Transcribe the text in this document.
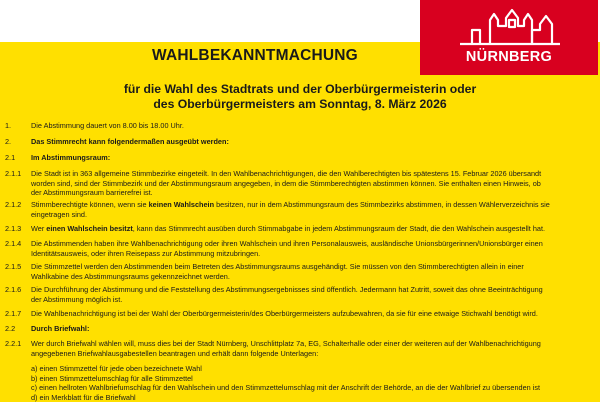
NÜRNBERG
WAHLBEKANNTMACHUNG
für die Wahl des Stadtrats und der Oberbürgermeisterin oder
des Oberbürgermeisters am Sonntag, 8. März 2026
1.	Die Abstimmung dauert von 8.00 bis 18.00 Uhr.
2.	Das Stimmrecht kann folgendermaßen ausgeübt werden:
2.1 Im Abstimmungsraum:
2.1.1 Die Stadt ist in 363 allgemeine Stimmbezirke eingeteilt. In den Wahlbenachrichtigungen, die den Wahlberechtigten bis spätestens 15. Februar 2026 übersandt
worden sind, sind der Stimmbezirk und der Abstimmungsraum angegeben, in dem die Stimmberechtigten abstimmen können. Sie enthalten einen Hinweis, ob
der Abstimmungsraum barrierefrei ist.
2.1.2 Stimmberechtigte können, wenn sie keinen Wahlschein besitzen, nur in dem Abstimmungsraum des Stimmbezirks abstimmen, in dessen Wählerverzeichnis sie
eingetragen sind.
2.1.3 Wer einen Wahlschein besitzt, kann das Stimmrecht ausüben durch Stimmabgabe in jedem Abstimmungsraum der Stadt, die den Wahlschein ausgestellt hat.
2.1.4 Die Abstimmenden haben ihre Wahlbenachrichtigung oder ihren Wahlschein und ihren Personalausweis, ausländische Unionsbürgerinnen/Unionsbürger einen
Identitätsausweis, oder ihren Reisepass zur Abstimmung mitzubringen.
2.1.5 Die Stimmzettel werden den Abstimmenden beim Betreten des Abstimmungsraums ausgehändigt. Sie müssen von den Stimmberechtigten allein in einer
Wahlkabine des Abstimmungsraums gekennzeichnet werden.
2.1.6 Die Durchführung der Abstimmung und die Feststellung des Abstimmungsergebnisses sind öffentlich. Jedermann hat Zutritt, soweit das ohne Beeinträchtigung
der Abstimmung möglich ist.
2.1.7 Die Wahlbenachrichtigung ist bei der Wahl der Oberbürgermeisterin/des Oberbürgermeisters aufzubewahren, da sie für eine etwaige Stichwahl benötigt wird.
2.2 Durch Briefwahl:
2.2.1 Wer durch Briefwahl wählen will, muss dies bei der Stadt Nürnberg, Unschlittplatz 7a, EG, Schalterhalle oder einer der weiteren auf der Wahlbenachrichtigung
angegebenen Briefwahlausgabestellen beantragen und erhält dann folgende Unterlagen:
a) einen Stimmzettel für jede oben bezeichnete Wahl
b) einen Stimmzettelumschlag für alle Stimmzettel
c) einen hellroten Wahlbriefumschlag für den Wahlschein und den Stimmzettelumschlag mit der Anschrift der Behörde, an die der Wahlbrief zu übersenden ist
d) ein Merkblatt für die Briefwahl
